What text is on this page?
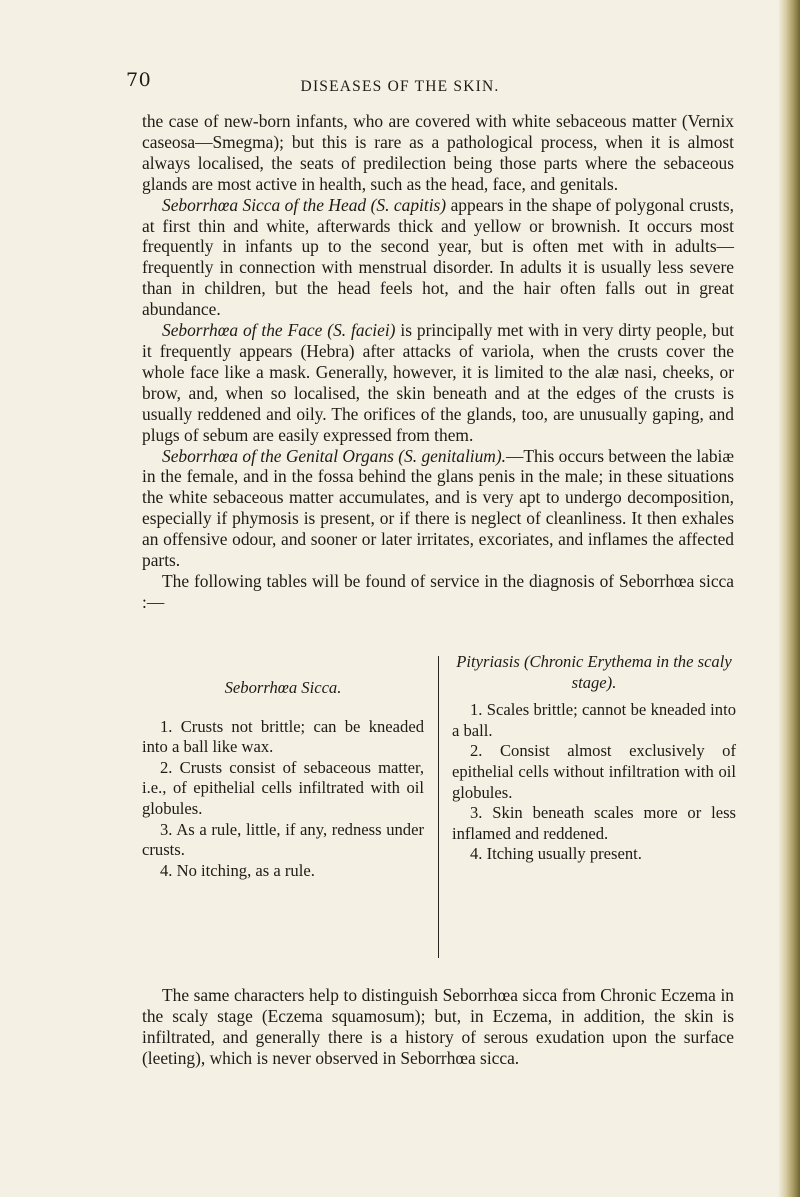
70	DISEASES OF THE SKIN.

the case of new-born infants, who are covered with white sebaceous matter (Vernix caseosa—Smegma); but this is rare as a pathological process, when it is almost always localised, the seats of predilection being those parts where the sebaceous glands are most active in health, such as the head, face, and genitals.

Seborrhœa Sicca of the Head (S. capitis) appears in the shape of polygonal crusts, at first thin and white, afterwards thick and yellow or brownish. It occurs most frequently in infants up to the second year, but is often met with in adults—frequently in connection with menstrual disorder. In adults it is usually less severe than in children, but the head feels hot, and the hair often falls out in great abundance.

Seborrhœa of the Face (S. faciei) is principally met with in very dirty people, but it frequently appears (Hebra) after attacks of variola, when the crusts cover the whole face like a mask. Generally, however, it is limited to the alæ nasi, cheeks, or brow, and, when so localised, the skin beneath and at the edges of the crusts is usually reddened and oily. The orifices of the glands, too, are unusually gaping, and plugs of sebum are easily expressed from them.

Seborrhœa of the Genital Organs (S. genitalium).—This occurs between the labiæ in the female, and in the fossa behind the glans penis in the male; in these situations the white sebaceous matter accumulates, and is very apt to undergo decomposition, especially if phymosis is present, or if there is neglect of cleanliness. It then exhales an offensive odour, and sooner or later irritates, excoriates, and inflames the affected parts.

The following tables will be found of service in the diagnosis of Seborrhœa sicca :—

Seborrhœa Sicca.

1. Crusts not brittle; can be kneaded into a ball like wax.

2. Crusts consist of sebaceous matter, i.e., of epithelial cells infiltrated with oil globules.

3. As a rule, little, if any, redness under crusts.

4. No itching, as a rule.

Pityriasis (Chronic Erythema in the scaly stage).

1. Scales brittle; cannot be kneaded into a ball.

2. Consist almost exclusively of epithelial cells without infiltration with oil globules.

3. Skin beneath scales more or less inflamed and reddened.

4. Itching usually present.

The same characters help to distinguish Seborrhœa sicca from Chronic Eczema in the scaly stage (Eczema squamosum); but, in Eczema, in addition, the skin is infiltrated, and generally there is a history of serous exudation upon the surface (leeting), which is never observed in Seborrhœa sicca.
